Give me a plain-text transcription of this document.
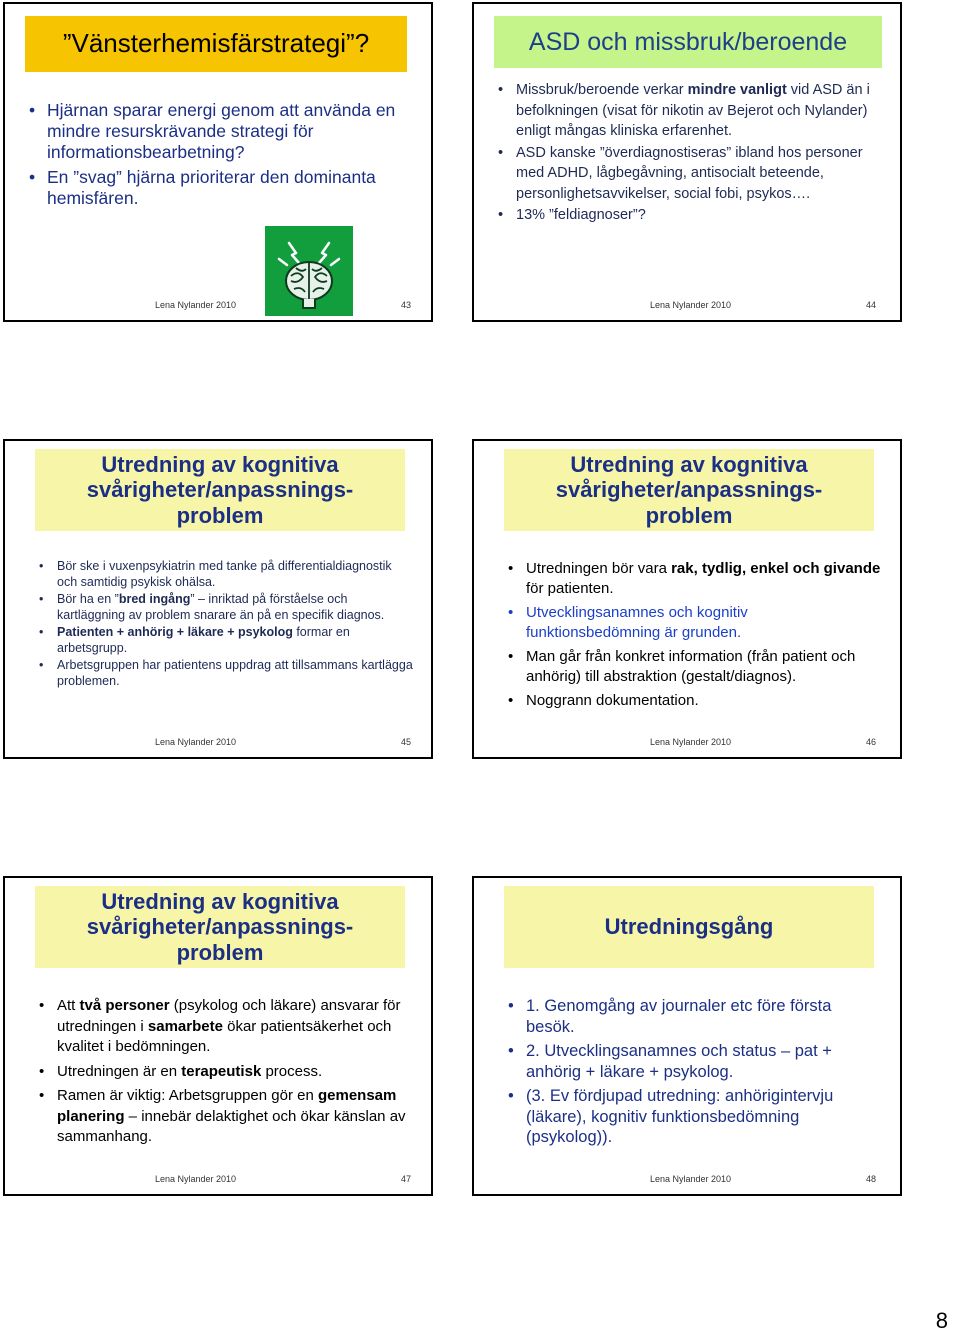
”Vänsterhemisfärstrategi”?
• Hjärnan sparar energi genom att använda en mindre resurskrävande strategi för informationsbearbetning?
• En ”svag” hjärna prioriterar den dominanta hemisfären.
Lena Nylander 2010	43
ASD och missbruk/beroende
• Missbruk/beroende verkar mindre vanligt vid ASD än i befolkningen (visat för nikotin av Bejerot och Nylander) enligt mångas kliniska erfarenhet.
• ASD kanske ”överdiagnostiseras” ibland hos personer med ADHD, lågbegåvning, antisocialt beteende, personlighetsavvikelser, social fobi, psykos….
• 13% ”feldiagnoser”?
Lena Nylander 2010	44
Utredning av kognitiva
svårigheter/anpassnings-
problem
• Bör ske i vuxenpsykiatrin med tanke på differentialdiagnostik och samtidig psykisk ohälsa.
• Bör ha en ”bred ingång” – inriktad på förståelse och kartläggning av problem snarare än på en specifik diagnos.
• Patienten + anhörig + läkare + psykolog formar en arbetsgrupp.
• Arbetsgruppen har patientens uppdrag att tillsammans kartlägga problemen.
Lena Nylander 2010	45
Utredning av kognitiva
svårigheter/anpassnings-
problem
• Utredningen bör vara rak, tydlig, enkel och givande för patienten.
• Utvecklingsanamnes och kognitiv funktionsbedömning är grunden.
• Man går från konkret information (från patient och anhörig) till abstraktion (gestalt/diagnos).
• Noggrann dokumentation.
Lena Nylander 2010	46
Utredning av kognitiva
svårigheter/anpassnings-
problem
• Att två personer (psykolog och läkare) ansvarar för utredningen i samarbete ökar patientsäkerhet och kvalitet i bedömningen.
• Utredningen är en terapeutisk process.
• Ramen är viktig: Arbetsgruppen gör en gemensam planering – innebär delaktighet och ökar känslan av sammanhang.
Lena Nylander 2010	47
Utredningsgång
• 1. Genomgång av journaler etc före första besök.
• 2. Utvecklingsanamnes och status – pat + anhörig + läkare + psykolog.
• (3. Ev fördjupad utredning: anhörigintervju (läkare), kognitiv funktionsbedömning (psykolog)).
Lena Nylander 2010	48
8
